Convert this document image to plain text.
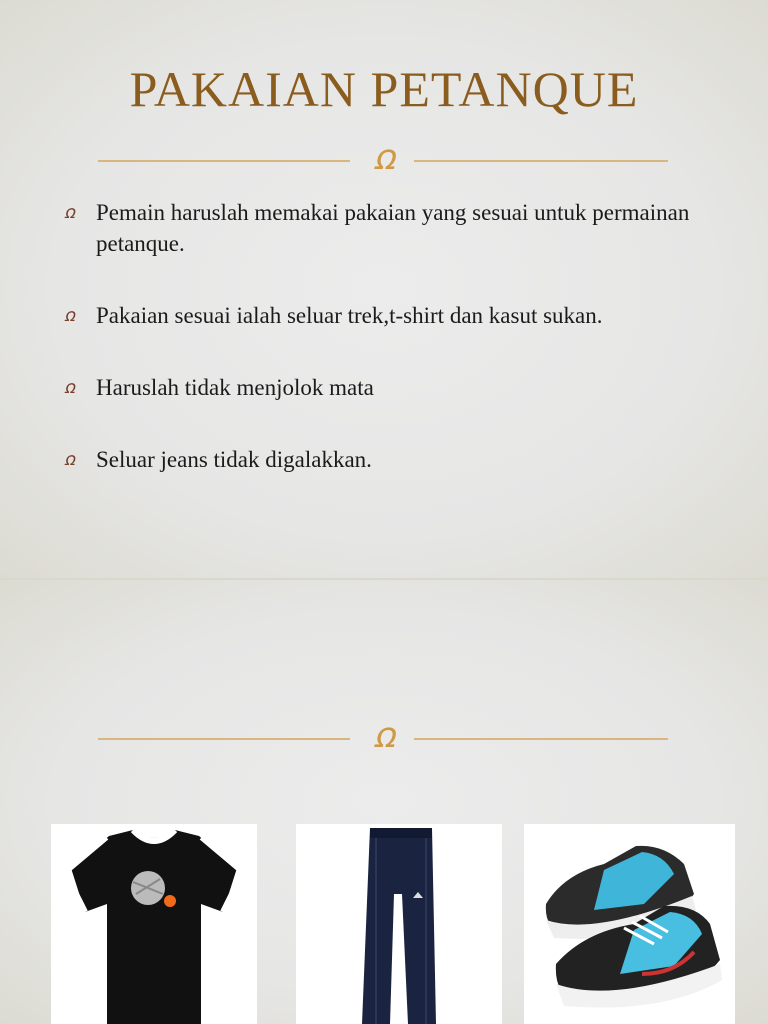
PAKAIAN PETANQUE
ꭥ
ꭥ Pemain haruslah memakai pakaian yang sesuai untuk permainan petanque.
ꭥ Pakaian sesuai ialah seluar trek,t-shirt dan kasut sukan.
ꭥ Haruslah tidak menjolok mata
ꭥ Seluar jeans tidak digalakkan.
ꭥ
